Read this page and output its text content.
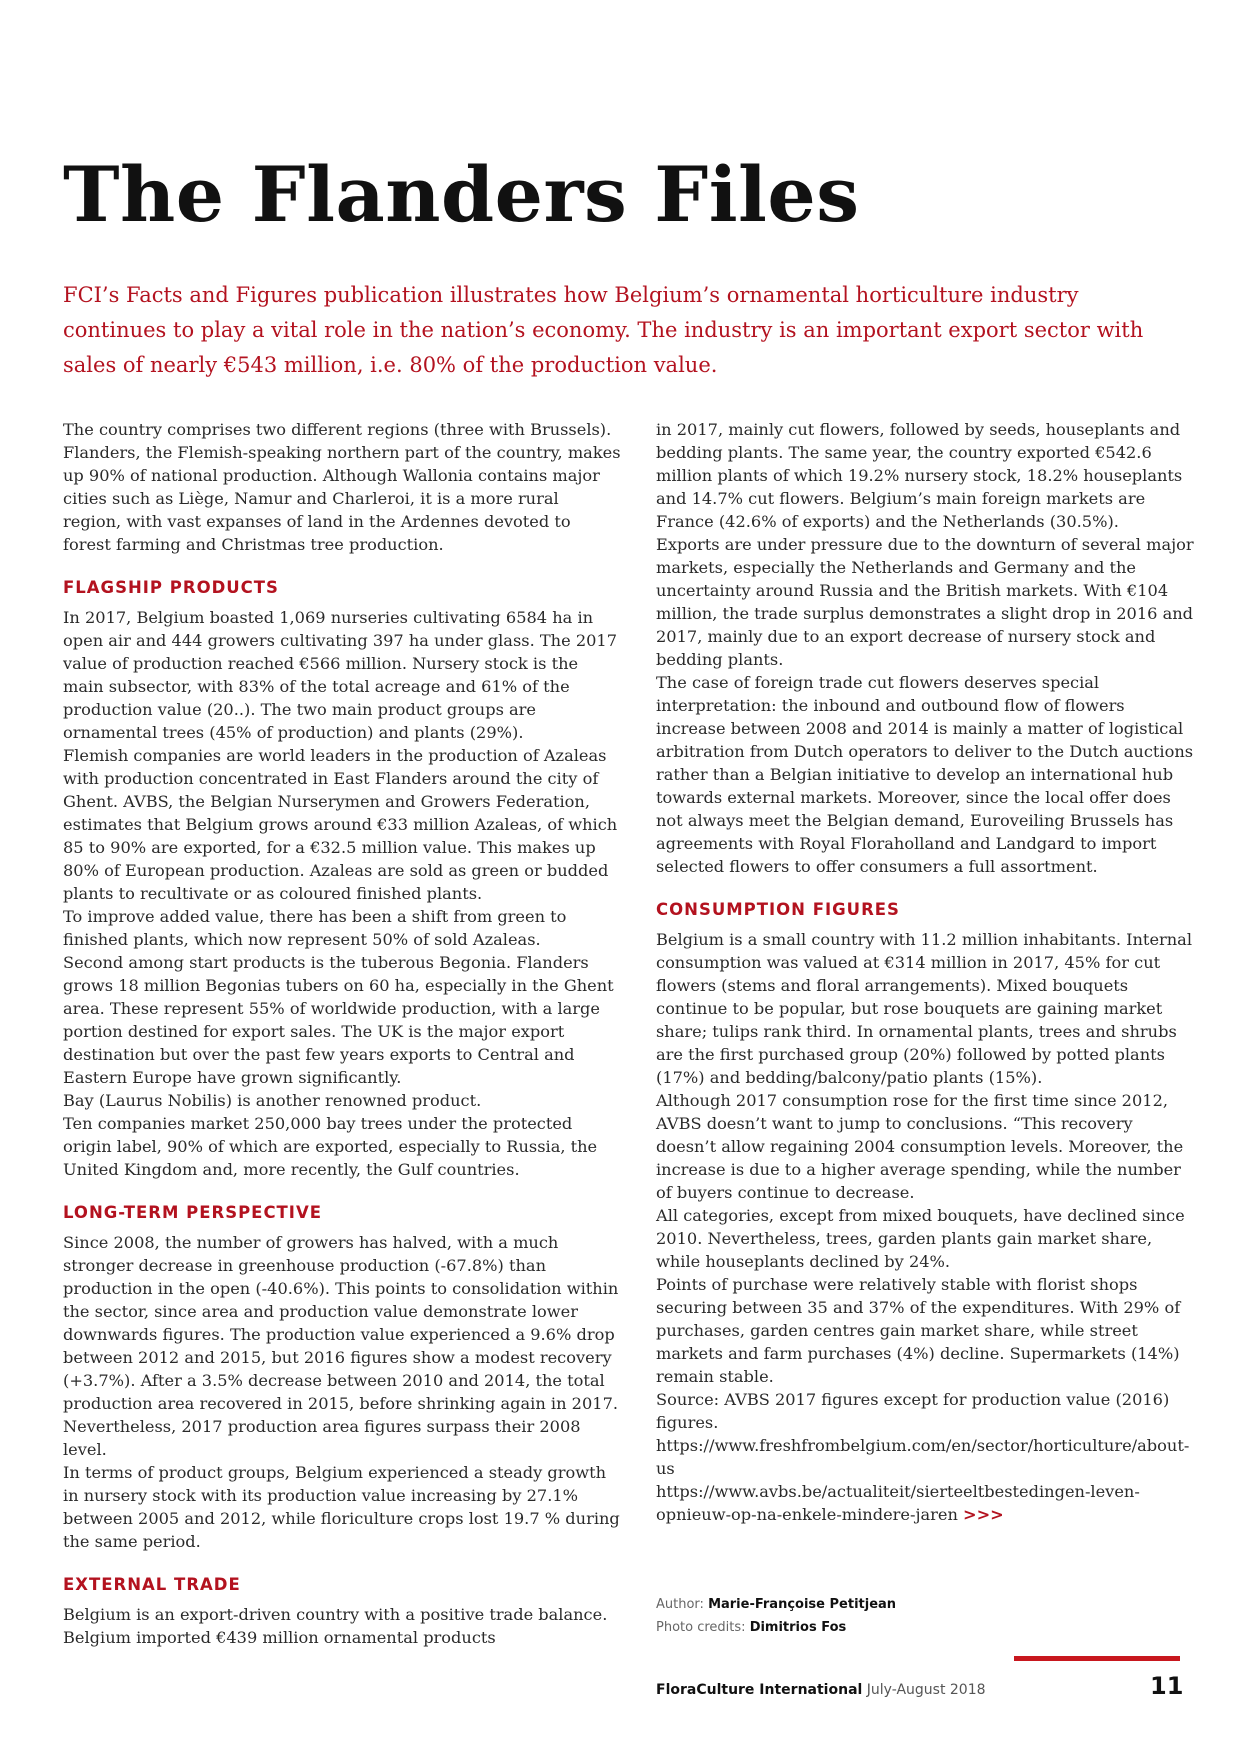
The Flanders Files

FCI’s Facts and Figures publication illustrates how Belgium’s ornamental horticulture industry continues to play a vital role in the nation’s economy. The industry is an important export sector with sales of nearly €543 million, i.e. 80% of the production value.

The country comprises two different regions (three with Brussels). Flanders, the Flemish-speaking northern part of the country, makes up 90% of national production. Although Wallonia contains major cities such as Liège, Namur and Charleroi, it is a more rural region, with vast expanses of land in the Ardennes devoted to forest farming and Christmas tree production.

FLAGSHIP PRODUCTS

In 2017, Belgium boasted 1,069 nurseries cultivating 6584 ha in open air and 444 growers cultivating 397 ha under glass. The 2017 value of production reached €566 million. Nursery stock is the main subsector, with 83% of the total acreage and 61% of the production value (20..). The two main product groups are ornamental trees (45% of production) and plants (29%).

Flemish companies are world leaders in the production of Azaleas with production concentrated in East Flanders around the city of Ghent. AVBS, the Belgian Nurserymen and Growers Federation, estimates that Belgium grows around €33 million Azaleas, of which 85 to 90% are exported, for a €32.5 million value. This makes up 80% of European production. Azaleas are sold as green or budded plants to recultivate or as coloured finished plants.

To improve added value, there has been a shift from green to finished plants, which now represent 50% of sold Azaleas.

Second among start products is the tuberous Begonia. Flanders grows 18 million Begonias tubers on 60 ha, especially in the Ghent area. These represent 55% of worldwide production, with a large portion destined for export sales. The UK is the major export destination but over the past few years exports to Central and Eastern Europe have grown significantly.

Bay (Laurus Nobilis) is another renowned product.

Ten companies market 250,000 bay trees under the protected origin label, 90% of which are exported, especially to Russia, the United Kingdom and, more recently, the Gulf countries.

LONG-TERM PERSPECTIVE

Since 2008, the number of growers has halved, with a much stronger decrease in greenhouse production (-67.8%) than production in the open (-40.6%). This points to consolidation within the sector, since area and production value demonstrate lower downwards figures. The production value experienced a 9.6% drop between 2012 and 2015, but 2016 figures show a modest recovery (+3.7%). After a 3.5% decrease between 2010 and 2014, the total production area recovered in 2015, before shrinking again in 2017. Nevertheless, 2017 production area figures surpass their 2008 level.

In terms of product groups, Belgium experienced a steady growth in nursery stock with its production value increasing by 27.1% between 2005 and 2012, while floriculture crops lost 19.7 % during the same period.

EXTERNAL TRADE

Belgium is an export-driven country with a positive trade balance. Belgium imported €439 million ornamental products

in 2017, mainly cut flowers, followed by seeds, houseplants and bedding plants. The same year, the country exported €542.6 million plants of which 19.2% nursery stock, 18.2% houseplants and 14.7% cut flowers. Belgium’s main foreign markets are France (42.6% of exports) and the Netherlands (30.5%).

Exports are under pressure due to the downturn of several major markets, especially the Netherlands and Germany and the uncertainty around Russia and the British markets. With €104 million, the trade surplus demonstrates a slight drop in 2016 and 2017, mainly due to an export decrease of nursery stock and bedding plants.

The case of foreign trade cut flowers deserves special interpretation: the inbound and outbound flow of flowers increase between 2008 and 2014 is mainly a matter of logistical arbitration from Dutch operators to deliver to the Dutch auctions rather than a Belgian initiative to develop an international hub towards external markets. Moreover, since the local offer does not always meet the Belgian demand, Euroveiling Brussels has agreements with Royal Floraholland and Landgard to import selected flowers to offer consumers a full assortment.

CONSUMPTION FIGURES

Belgium is a small country with 11.2 million inhabitants. Internal consumption was valued at €314 million in 2017, 45% for cut flowers (stems and floral arrangements). Mixed bouquets continue to be popular, but rose bouquets are gaining market share; tulips rank third. In ornamental plants, trees and shrubs are the first purchased group (20%) followed by potted plants (17%) and bedding/balcony/patio plants (15%).

Although 2017 consumption rose for the first time since 2012, AVBS doesn’t want to jump to conclusions. “This recovery doesn’t allow regaining 2004 consumption levels. Moreover, the increase is due to a higher average spending, while the number of buyers continue to decrease.

All categories, except from mixed bouquets, have declined since 2010. Nevertheless, trees, garden plants gain market share, while houseplants declined by 24%.

Points of purchase were relatively stable with florist shops securing between 35 and 37% of the expenditures. With 29% of purchases, garden centres gain market share, while street markets and farm purchases (4%) decline. Supermarkets (14%) remain stable.

Source: AVBS 2017 figures except for production value (2016) figures.

https://www.freshfrombelgium.com/en/sector/horticulture/about-us

https://www.avbs.be/actualiteit/sierteeltbestedingen-leven-opnieuw-op-na-enkele-mindere-jaren >>>

Author: Marie-Françoise Petitjean
Photo credits: Dimitrios Fos
FloraCulture International July-August 2018	11
